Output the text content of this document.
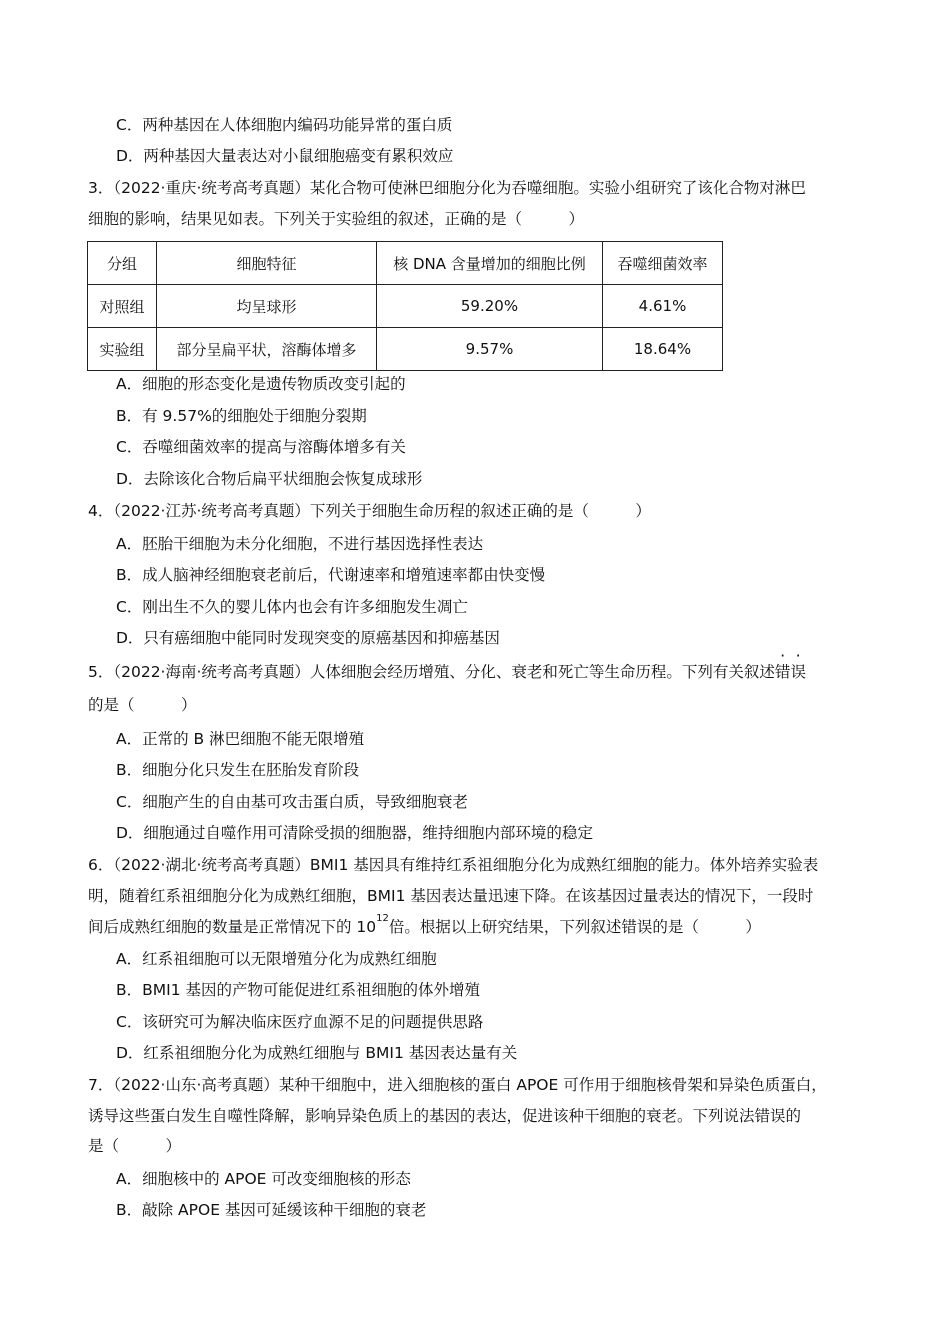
C．两种基因在人体细胞内编码功能异常的蛋白质
D．两种基因大量表达对小鼠细胞癌变有累积效应
3．（2022·重庆·统考高考真题）某化合物可使淋巴细胞分化为吞噬细胞。实验小组研究了该化合物对淋巴
细胞的影响，结果见如表。下列关于实验组的叙述，正确的是（　　　）
分组	细胞特征	核 DNA 含量增加的细胞比例	吞噬细菌效率
对照组	均呈球形	59.20%	4.61%
实验组	部分呈扁平状，溶酶体增多	9.57%	18.64%
A．细胞的形态变化是遗传物质改变引起的
B．有 9.57%的细胞处于细胞分裂期
C．吞噬细菌效率的提高与溶酶体增多有关
D．去除该化合物后扁平状细胞会恢复成球形
4．（2022·江苏·统考高考真题）下列关于细胞生命历程的叙述正确的是（　　　）
A．胚胎干细胞为未分化细胞，不进行基因选择性表达
B．成人脑神经细胞衰老前后，代谢速率和增殖速率都由快变慢
C．刚出生不久的婴儿体内也会有许多细胞发生凋亡
D．只有癌细胞中能同时发现突变的原癌基因和抑癌基因
5．（2022·海南·统考高考真题）人体细胞会经历增殖、分化、衰老和死亡等生命历程。下列有关叙述错误
的是（　　　）
A．正常的 B 淋巴细胞不能无限增殖
B．细胞分化只发生在胚胎发育阶段
C．细胞产生的自由基可攻击蛋白质，导致细胞衰老
D．细胞通过自噬作用可清除受损的细胞器，维持细胞内部环境的稳定
6．（2022·湖北·统考高考真题）BMI1 基因具有维持红系祖细胞分化为成熟红细胞的能力。体外培养实验表
明，随着红系祖细胞分化为成熟红细胞，BMI1 基因表达量迅速下降。在该基因过量表达的情况下，一段时
间后成熟红细胞的数量是正常情况下的 $10^{12}$倍。根据以上研究结果，下列叙述错误的是（　　　）
A．红系祖细胞可以无限增殖分化为成熟红细胞
B．BMI1 基因的产物可能促进红系祖细胞的体外增殖
C．该研究可为解决临床医疗血源不足的问题提供思路
D．红系祖细胞分化为成熟红细胞与 BMI1 基因表达量有关
7．（2022·山东·高考真题）某种干细胞中，进入细胞核的蛋白 APOE 可作用于细胞核骨架和异染色质蛋白，
诱导这些蛋白发生自噬性降解，影响异染色质上的基因的表达，促进该种干细胞的衰老。下列说法错误的
是（　　　）
A．细胞核中的 APOE 可改变细胞核的形态
B．敲除 APOE 基因可延缓该种干细胞的衰老
